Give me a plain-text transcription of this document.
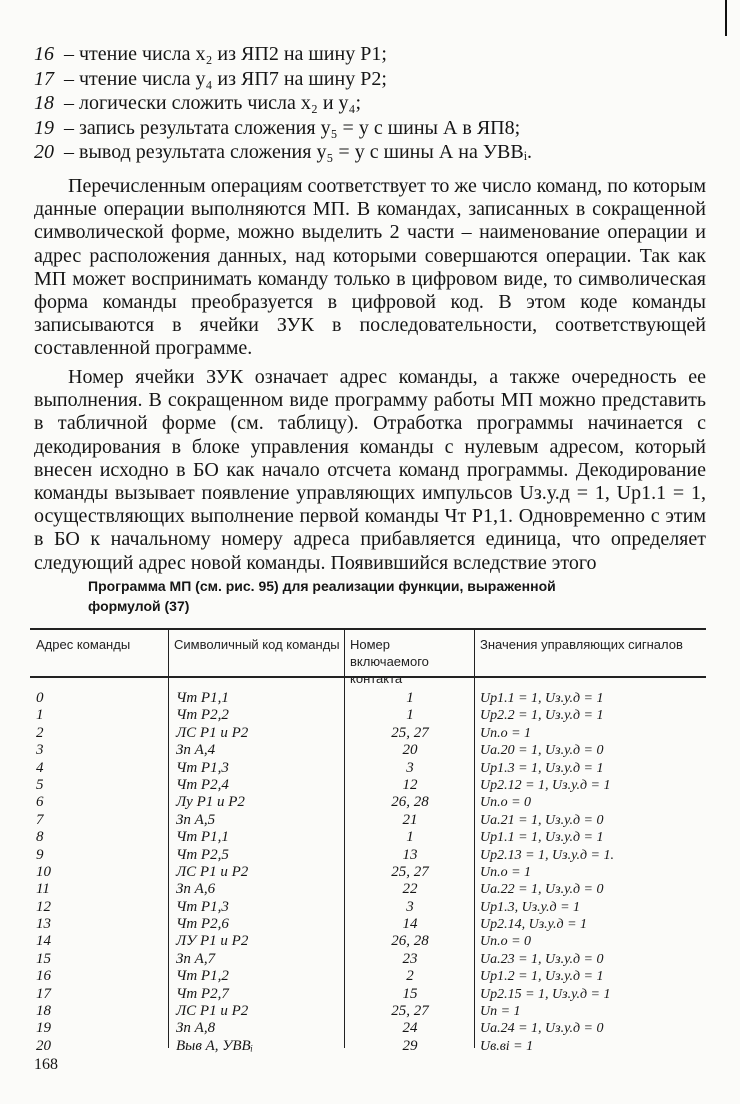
16 – чтение числа x₂ из ЯП2 на шину Р1;
17 – чтение числа y₄ из ЯП7 на шину Р2;
18 – логически сложить числа x₂ и y₄;
19 – запись результата сложения y₅ = y с шины А в ЯП8;
20 – вывод результата сложения y₅ = y с шины А на УВВᵢ.

Перечисленным операциям соответствует то же число команд, по которым данные операции выполняются МП. В командах, записанных в сокращенной символической форме, можно выделить 2 части – наименование операции и адрес расположения данных, над которыми совершаются операции. Так как МП может воспринимать команду только в цифровом виде, то символическая форма команды преобразуется в цифровой код. В этом коде команды записываются в ячейки ЗУК в последовательности, соответствующей составленной программе.

Номер ячейки ЗУК означает адрес команды, а также очередность ее выполнения. В сокращенном виде программу работы МП можно представить в табличной форме (см. таблицу). Отработка программы начинается с декодирования в блоке управления команды с нулевым адресом, который внесен исходно в БО как начало отсчета команд программы. Декодирование команды вызывает появление управляющих импульсов Uз.у.д = 1, Uр1.1 = 1, осуществляющих выполнение первой команды Чт Р1,1. Одновременно с этим в БО к начальному номеру адреса прибавляется единица, что определяет следующий адрес новой команды. Появившийся вследствие этого

Программа МП (см. рис. 95) для реализации функции, выраженной формулой (37)
Адрес команды	Символичный код команды Номер включаемого контакта
Значения управляющих сигналов
0
1
2
3
4
5
6
7
8
9
10
11
12
13
14
15
16
17
18
19
20
Чт Р1,1
Чт Р2,2
ЛС Р1 и Р2
Зп А,4
Чт Р1,3
Чт Р2,4
Лу Р1 и Р2
Зп А,5
Чт Р1,1
Чт Р2,5
ЛС Р1 и Р2
Зп А,6
Чт Р1,3
Чт Р2,6
ЛУ Р1 и Р2
Зп А,7
Чт Р1,2
Чт Р2,7
ЛС Р1 и Р2
Зп А,8
Выв А, УВВᵢ
1
1
25, 27
20
3
12
26, 28
21
1
13
25, 27
22
3
14
26, 28
23
2
15
25, 27
24
29
Uр1.1 = 1, Uз.у.д = 1
Uр2.2 = 1, Uз.у.д = 1
Uп.о = 1
Uа.20 = 1, Uз.у.д = 0
Uр1.3 = 1, Uз.у.д = 1
Uр2.12 = 1, Uз.у.д = 1
Uп.о = 0
Uа.21 = 1, Uз.у.д = 0
Uр1.1 = 1, Uз.у.д = 1
Uр2.13 = 1, Uз.у.д = 1.
Uп.о = 1
Uа.22 = 1, Uз.у.д = 0
Uр1.3, Uз.у.д = 1
Uр2.14, Uз.у.д = 1
Uп.о = 0
Uа.23 = 1, Uз.у.д = 0
Uр1.2 = 1, Uз.у.д = 1
Uр2.15 = 1, Uз.у.д = 1
Uп = 1
Uа.24 = 1, Uз.у.д = 0
Uв.вi = 1
168
